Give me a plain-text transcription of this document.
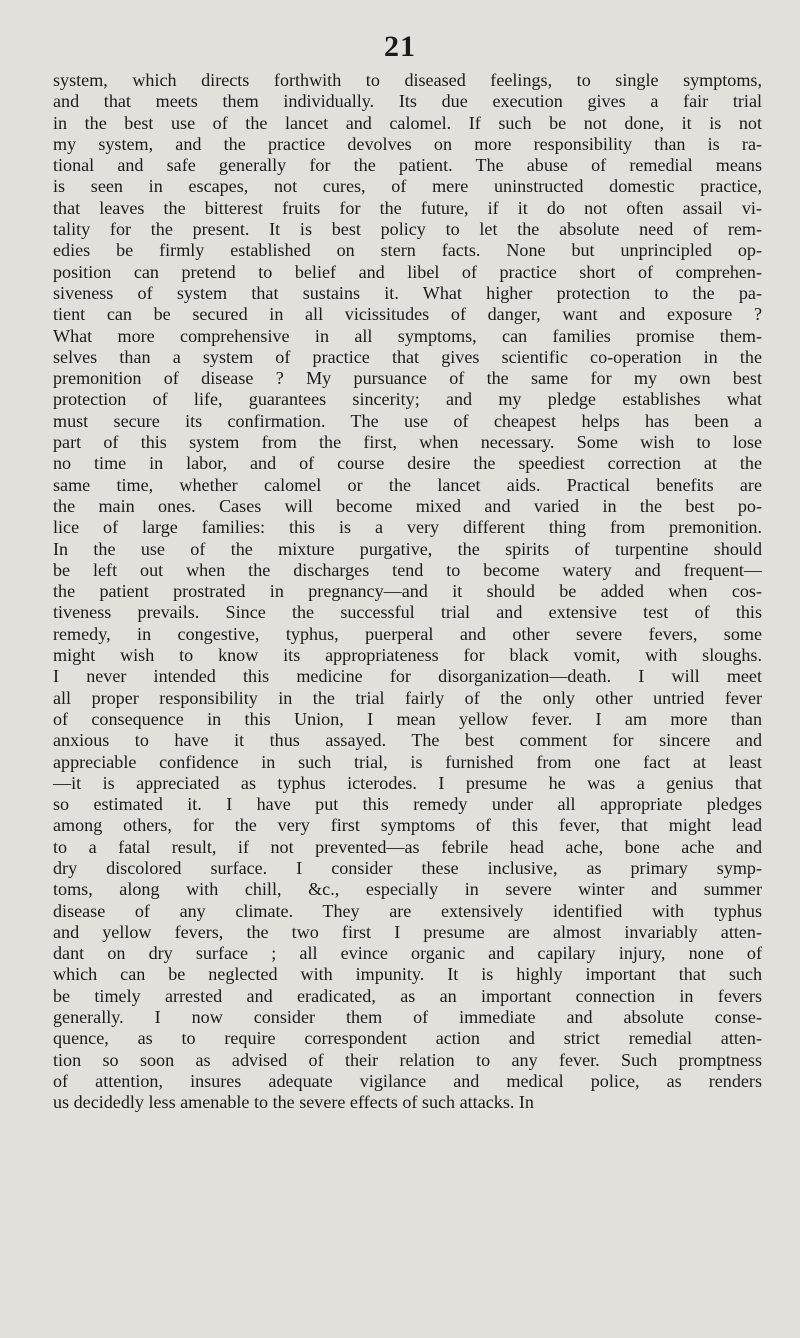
21
system, which directs forthwith to diseased feelings, to single symptoms,
and that meets them individually. Its due execution gives a fair trial
in the best use of the lancet and calomel. If such be not done, it is not
my system, and the practice devolves on more responsibility than is ra-
tional and safe generally for the patient. The abuse of remedial means
is seen in escapes, not cures, of mere uninstructed domestic practice,
that leaves the bitterest fruits for the future, if it do not often assail vi-
tality for the present. It is best policy to let the absolute need of rem-
edies be firmly established on stern facts. None but unprincipled op-
position can pretend to belief and libel of practice short of comprehen-
siveness of system that sustains it. What higher protection to the pa-
tient can be secured in all vicissitudes of danger, want and exposure ?
What more comprehensive in all symptoms, can families promise them-
selves than a system of practice that gives scientific co-operation in the
premonition of disease ? My pursuance of the same for my own best
protection of life, guarantees sincerity; and my pledge establishes what
must secure its confirmation. The use of cheapest helps has been a
part of this system from the first, when necessary. Some wish to lose
no time in labor, and of course desire the speediest correction at the
same time, whether calomel or the lancet aids. Practical benefits are
the main ones. Cases will become mixed and varied in the best po-
lice of large families: this is a very different thing from premonition.
In the use of the mixture purgative, the spirits of turpentine should
be left out when the discharges tend to become watery and frequent—
the patient prostrated in pregnancy—and it should be added when cos-
tiveness prevails. Since the successful trial and extensive test of this
remedy, in congestive, typhus, puerperal and other severe fevers, some
might wish to know its appropriateness for black vomit, with sloughs.
I never intended this medicine for disorganization—death. I will meet
all proper responsibility in the trial fairly of the only other untried fever
of consequence in this Union, I mean yellow fever. I am more than
anxious to have it thus assayed. The best comment for sincere and
appreciable confidence in such trial, is furnished from one fact at least
—it is appreciated as typhus icterodes. I presume he was a genius that
so estimated it. I have put this remedy under all appropriate pledges
among others, for the very first symptoms of this fever, that might lead
to a fatal result, if not prevented—as febrile head ache, bone ache and
dry discolored surface. I consider these inclusive, as primary symp-
toms, along with chill, &c., especially in severe winter and summer
disease of any climate. They are extensively identified with typhus
and yellow fevers, the two first I presume are almost invariably atten-
dant on dry surface ; all evince organic and capilary injury, none of
which can be neglected with impunity. It is highly important that such
be timely arrested and eradicated, as an important connection in fevers
generally. I now consider them of immediate and absolute conse-
quence, as to require correspondent action and strict remedial atten-
tion so soon as advised of their relation to any fever. Such promptness
of attention, insures adequate vigilance and medical police, as renders
us decidedly less amenable to the severe effects of such attacks. In
